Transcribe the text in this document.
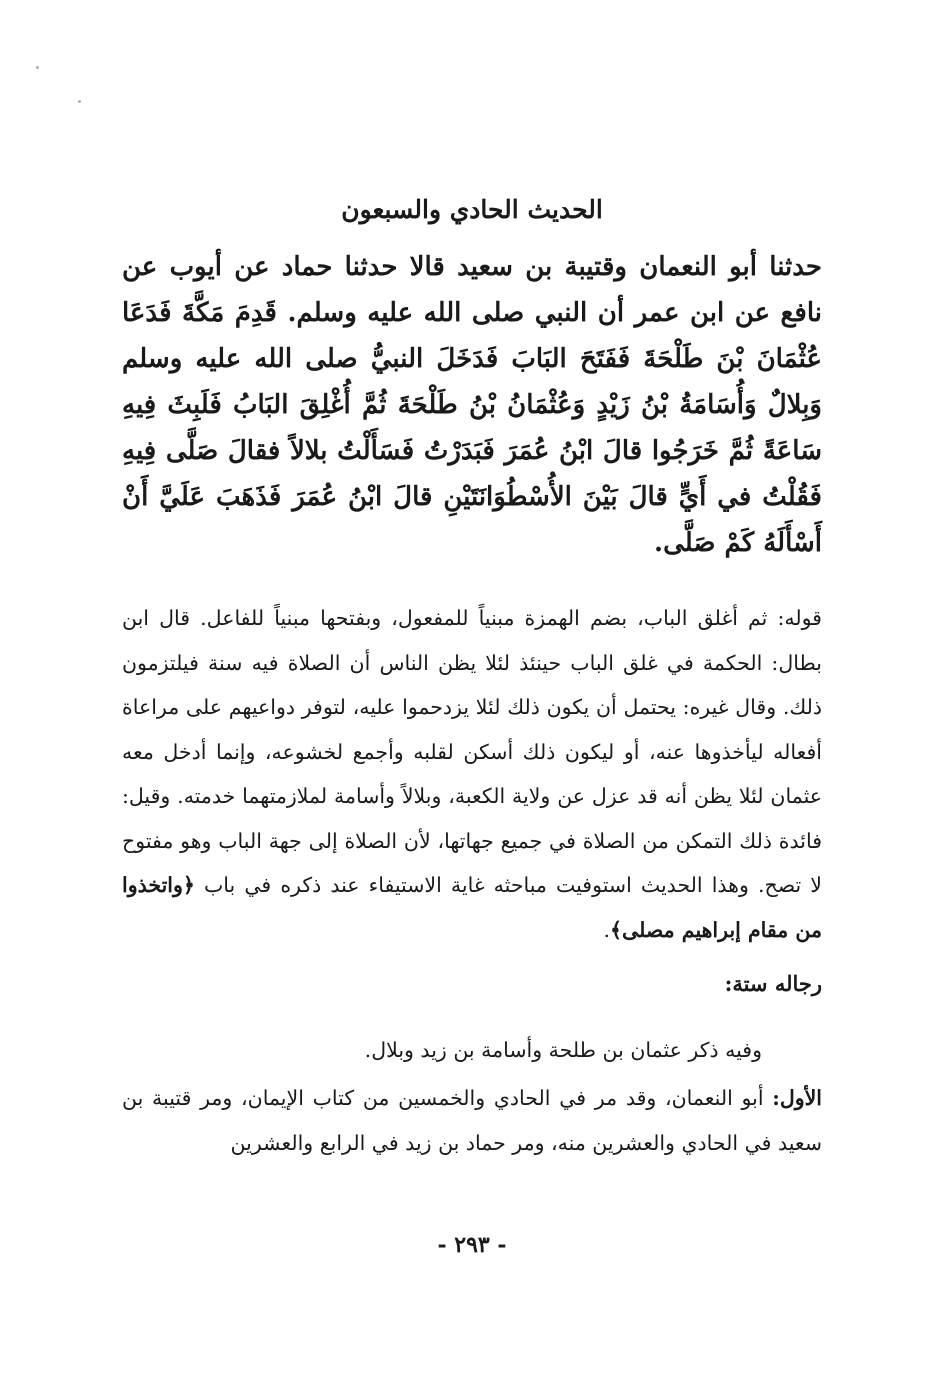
الحديث الحادي والسبعون

حدثنا أبو النعمان وقتيبة بن سعيد قالا حدثنا حماد عن أيوب عن نافع عن ابن عمر أن النبي صلى الله عليه وسلم. قَدِمَ مَكَّةَ فَدَعَا عُثْمَانَ بْنَ طَلْحَةَ فَفَتَحَ البَابَ فَدَخَلَ النبيُّ صلى الله عليه وسلم وَبِلالٌ وَأُسَامَةُ بْنُ زَيْدٍ وَعُثْمَانُ بْنُ طَلْحَةَ ثُمَّ أُغْلِقَ البَابُ فَلَبِثَ فِيهِ سَاعَةً ثُمَّ خَرَجُوا قالَ ابْنُ عُمَرَ فَبَدَرْتُ فَسَأَلْتُ بلالاً فقالَ صَلَّى فِيهِ فَقُلْتُ في أَيٍّ قالَ بَيْنَ الأُسْطُوَانَتَيْنِ قالَ ابْنُ عُمَرَ فَذَهَبَ عَلَيَّ أَنْ أَسْأَلَهُ كَمْ صَلَّى.

قوله: ثم أغلق الباب، بضم الهمزة مبنياً للمفعول، وبفتحها مبنياً للفاعل. قال ابن بطال: الحكمة في غلق الباب حينئذ لئلا يظن الناس أن الصلاة فيه سنة فيلتزمون ذلك. وقال غيره: يحتمل أن يكون ذلك لئلا يزدحموا عليه، لتوفر دواعيهم على مراعاة أفعاله ليأخذوها عنه، أو ليكون ذلك أسكن لقلبه وأجمع لخشوعه، وإنما أدخل معه عثمان لئلا يظن أنه قد عزل عن ولاية الكعبة، وبلالاً وأسامة لملازمتهما خدمته. وقيل: فائدة ذلك التمكن من الصلاة في جميع جهاتها، لأن الصلاة إلى جهة الباب وهو مفتوح لا تصح. وهذا الحديث استوفيت مباحثه غاية الاستيفاء عند ذكره في باب ﴿واتخذوا من مقام إبراهيم مصلى﴾.

رجاله ستة:
وفيه ذكر عثمان بن طلحة وأسامة بن زيد وبلال.
الأول: أبو النعمان، وقد مر في الحادي والخمسين من كتاب الإيمان، ومر قتيبة بن سعيد في الحادي والعشرين منه، ومر حماد بن زيد في الرابع والعشرين
- ٢٩٣ -
